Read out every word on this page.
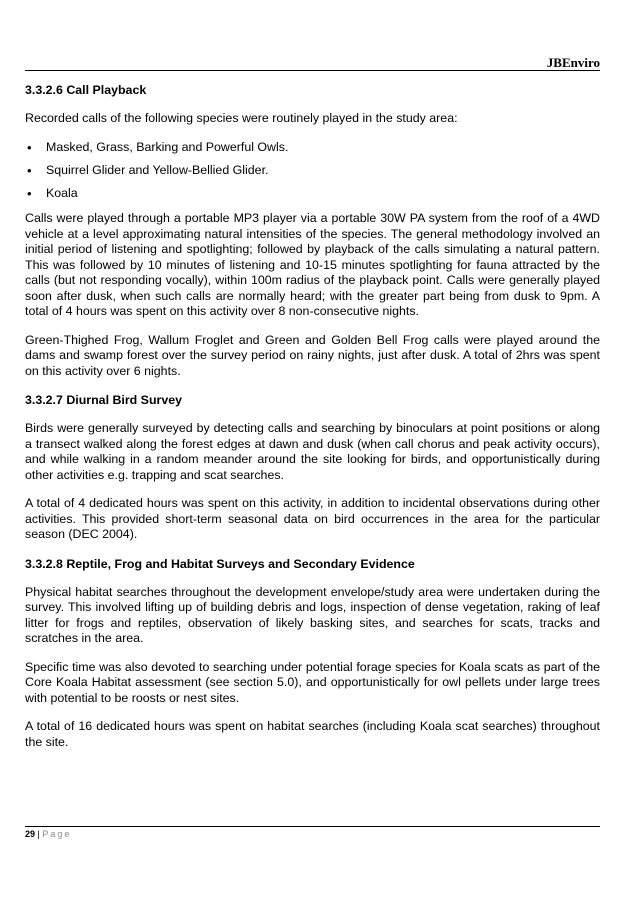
JBEnviro
3.3.2.6 Call Playback

Recorded calls of the following species were routinely played in the study area:

• Masked, Grass, Barking and Powerful Owls.
• Squirrel Glider and Yellow-Bellied Glider.
• Koala

Calls were played through a portable MP3 player via a portable 30W PA system from the roof of a 4WD vehicle at a level approximating natural intensities of the species. The general methodology involved an initial period of listening and spotlighting; followed by playback of the calls simulating a natural pattern. This was followed by 10 minutes of listening and 10-15 minutes spotlighting for fauna attracted by the calls (but not responding vocally), within 100m radius of the playback point. Calls were generally played soon after dusk, when such calls are normally heard; with the greater part being from dusk to 9pm. A total of 4 hours was spent on this activity over 8 non-consecutive nights.

Green-Thighed Frog, Wallum Froglet and Green and Golden Bell Frog calls were played around the dams and swamp forest over the survey period on rainy nights, just after dusk. A total of 2hrs was spent on this activity over 6 nights.

3.3.2.7 Diurnal Bird Survey

Birds were generally surveyed by detecting calls and searching by binoculars at point positions or along a transect walked along the forest edges at dawn and dusk (when call chorus and peak activity occurs), and while walking in a random meander around the site looking for birds, and opportunistically during other activities e.g. trapping and scat searches.

A total of 4 dedicated hours was spent on this activity, in addition to incidental observations during other activities. This provided short-term seasonal data on bird occurrences in the area for the particular season (DEC 2004).

3.3.2.8 Reptile, Frog and Habitat Surveys and Secondary Evidence

Physical habitat searches throughout the development envelope/study area were undertaken during the survey. This involved lifting up of building debris and logs, inspection of dense vegetation, raking of leaf litter for frogs and reptiles, observation of likely basking sites, and searches for scats, tracks and scratches in the area.

Specific time was also devoted to searching under potential forage species for Koala scats as part of the Core Koala Habitat assessment (see section 5.0), and opportunistically for owl pellets under large trees with potential to be roosts or nest sites.

A total of 16 dedicated hours was spent on habitat searches (including Koala scat searches) throughout the site.

29 | Page
